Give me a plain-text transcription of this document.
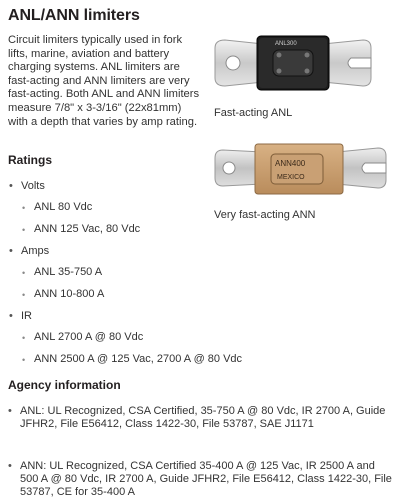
ANL/ANN limiters
Circuit limiters typically used in fork lifts, marine, aviation and battery charging systems. ANL limiters are fast-acting and ANN limiters are very fast-acting. Both ANL and ANN limiters measure 7/8" x 3-3/16" (22x81mm) with a depth that varies by amp rating.
ANL300
Fast-acting ANL
ANN400
MEXICO
Very fast-acting ANN
Ratings
• Volts
• ANL 80 Vdc
• ANN 125 Vac, 80 Vdc
• Amps
• ANL 35-750 A
• ANN 10-800 A
• IR
• ANL 2700 A @ 80 Vdc
• ANN 2500 A @ 125 Vac, 2700 A @ 80 Vdc
Agency information
• ANL: UL Recognized, CSA Certified, 35-750 A @ 80 Vdc, IR 2700 A, Guide JFHR2, File E56412, Class 1422-30, File 53787, SAE J1171
• ANN: UL Recognized, CSA Certified 35-400 A @ 125 Vac, IR 2500 A and 500 A @ 80 Vdc, IR 2700 A, Guide JFHR2, File E56412, Class 1422-30, File 53787, CE for 35-400 A
